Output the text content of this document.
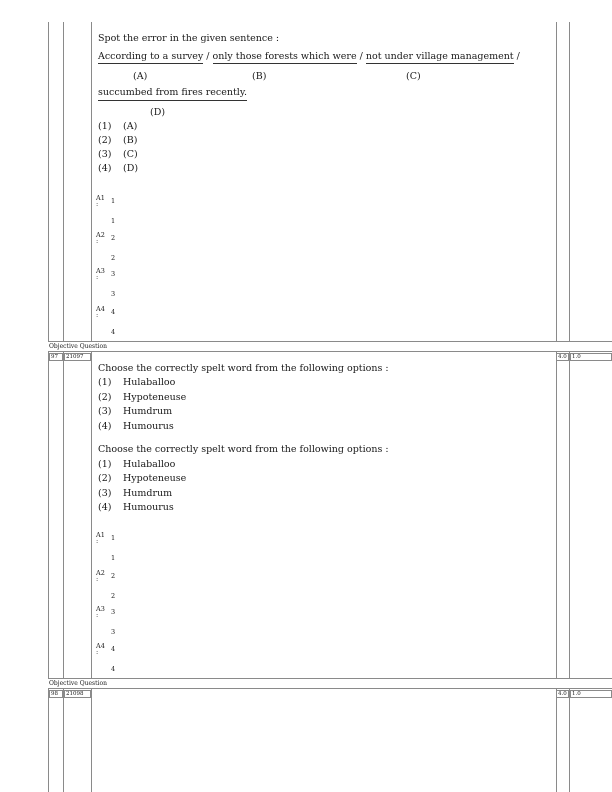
Spot the error in the given sentence :
According to a survey / only those forests which were / not under village management /
(A)	(B)	(C)
succumbed from fires recently.
(D)
(1) (A)
(2) (B)
(3) (C)
(4) (D)
A1
: 1
1
A2
: 2
2
A3
: 3
3
A4
: 4
4
Objective Question
97	21097	4.0 1.0
Choose the correctly spelt word from the following options :
(1) Hulaballoo
(2) Hypoteneuse
(3) Humdrum
(4) Humourus
Choose the correctly spelt word from the following options :
(1) Hulaballoo
(2) Hypoteneuse
(3) Humdrum
(4) Humourus
A1
: 1
1
A2
: 2
2
A3
: 3
3
A4
: 4
4
Objective Question
98	21098	4.0 1.0
